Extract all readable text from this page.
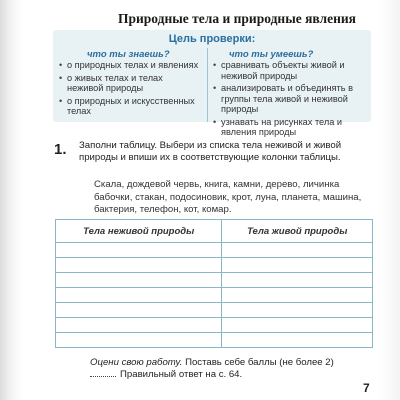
Природные тела и природные явления
Цель проверки:
что ты знаешь?	что ты умеешь?
• о природных телах и явлениях
• о живых телах и телах неживой природы
• о природных и искусственных телах
• сравнивать объекты живой и неживой природы
• анализировать и объединять в группы тела живой и неживой природы
• узнавать на рисунках тела и явления природы
1. Заполни таблицу. Выбери из списка тела неживой и живой природы и впиши их в соответствующие колонки таблицы.
Скала, дождевой червь, книга, камни, дерево, личинка бабочки, стакан, подосиновик, крот, луна, планета, машина, бактерия, телефон, кот, комар.
Тела неживой природы	Тела живой природы

Оцени свою работу. Поставь себе баллы (не более 2)
Правильный ответ на с. 64.
7
